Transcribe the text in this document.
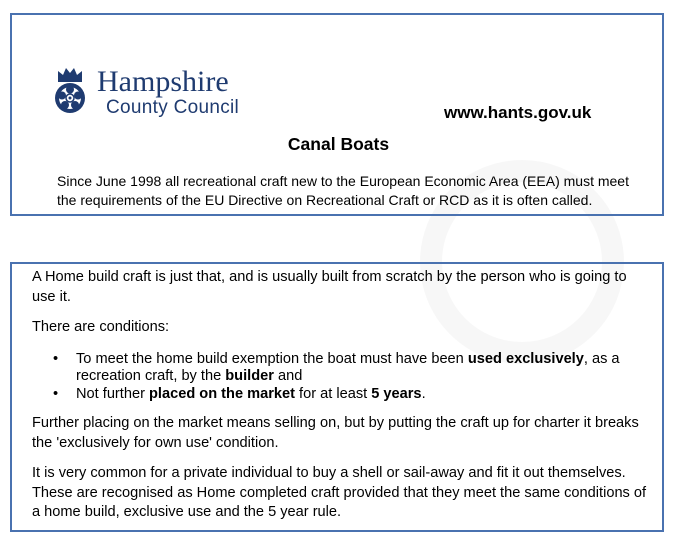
Hampshire
County Council	www.hants.gov.uk
Canal Boats
Since June 1998 all recreational craft new to the European Economic Area (EEA) must meet the requirements of the EU Directive on Recreational Craft or RCD as it is often called.
A Home build craft is just that, and is usually built from scratch by the person who is going to use it.
There are conditions:
• To meet the home build exemption the boat must have been used exclusively, as a recreation craft, by the builder and
• Not further placed on the market for at least 5 years.
Further placing on the market means selling on, but by putting the craft up for charter it breaks the 'exclusively for own use' condition.
It is very common for a private individual to buy a shell or sail-away and fit it out themselves. These are recognised as Home completed craft provided that they meet the same conditions of a home build, exclusive use and the 5 year rule.
